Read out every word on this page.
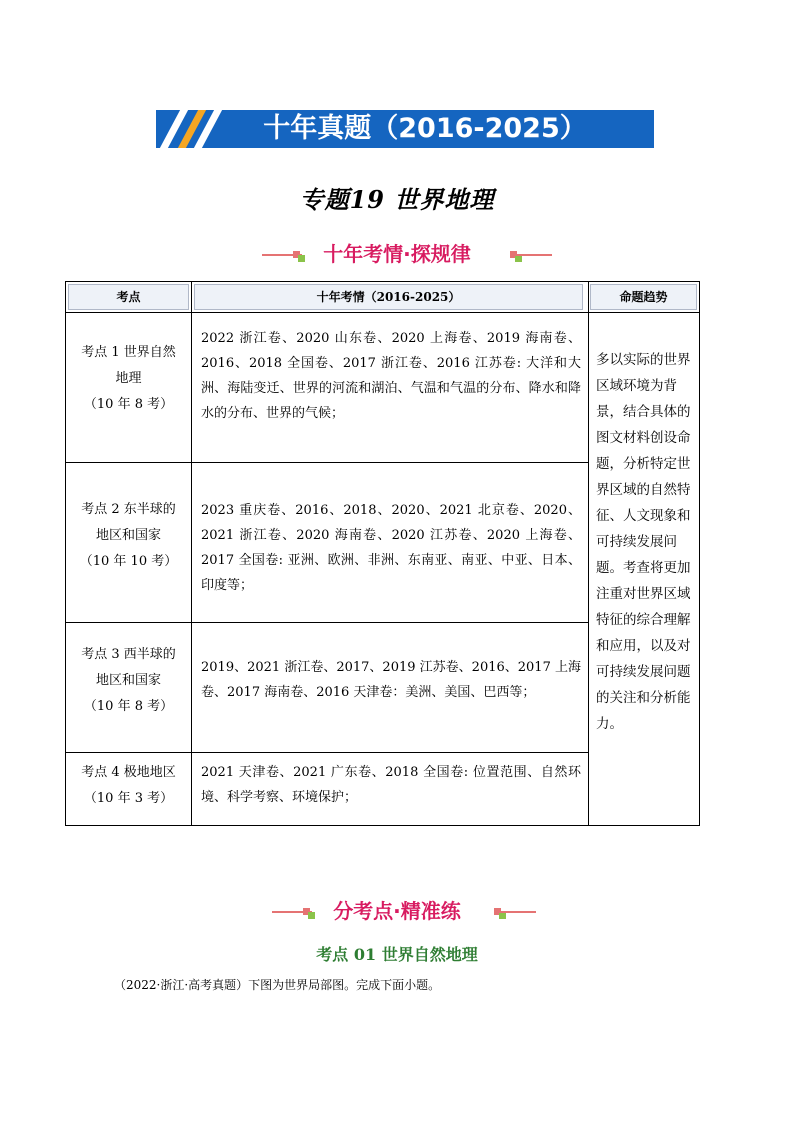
十年真题（2016-2025）
专题19 世界地理
十年考情·探规律
考点	十年考情（2016-2025）	命题趋势
考点 1 世界自然
地理
（10 年 8 考）
2022 浙江卷、2020 山东卷、2020 上海卷、2019 海南卷、2016、2018 全国卷、2017 浙江卷、2016 江苏卷: 大洋和大洲、海陆变迁、世界的河流和湖泊、气温和气温的分布、降水和降水的分布、世界的气候；
考点 2 东半球的
地区和国家
（10 年 10 考）
2023 重庆卷、2016、2018、2020、2021 北京卷、2020、2021 浙江卷、2020 海南卷、2020 江苏卷、2020 上海卷、2017 全国卷: 亚洲、欧洲、非洲、东南亚、南亚、中亚、日本、印度等；
考点 3 西半球的
地区和国家
（10 年 8 考）
2019、2021 浙江卷、2017、2019 江苏卷、2016、2017 上海卷、2017 海南卷、2016 天津卷：美洲、美国、巴西等；
考点 4 极地地区
（10 年 3 考）
2021 天津卷、2021 广东卷、2018 全国卷: 位置范围、自然环境、科学考察、环境保护；
多以实际的世界区域环境为背景，结合具体的图文材料创设命题，分析特定世界区域的自然特征、人文现象和可持续发展问题。考查将更加注重对世界区域特征的综合理解和应用，以及对可持续发展问题的关注和分析能力。
分考点·精准练
考点 01 世界自然地理
（2022·浙江·高考真题）下图为世界局部图。完成下面小题。
